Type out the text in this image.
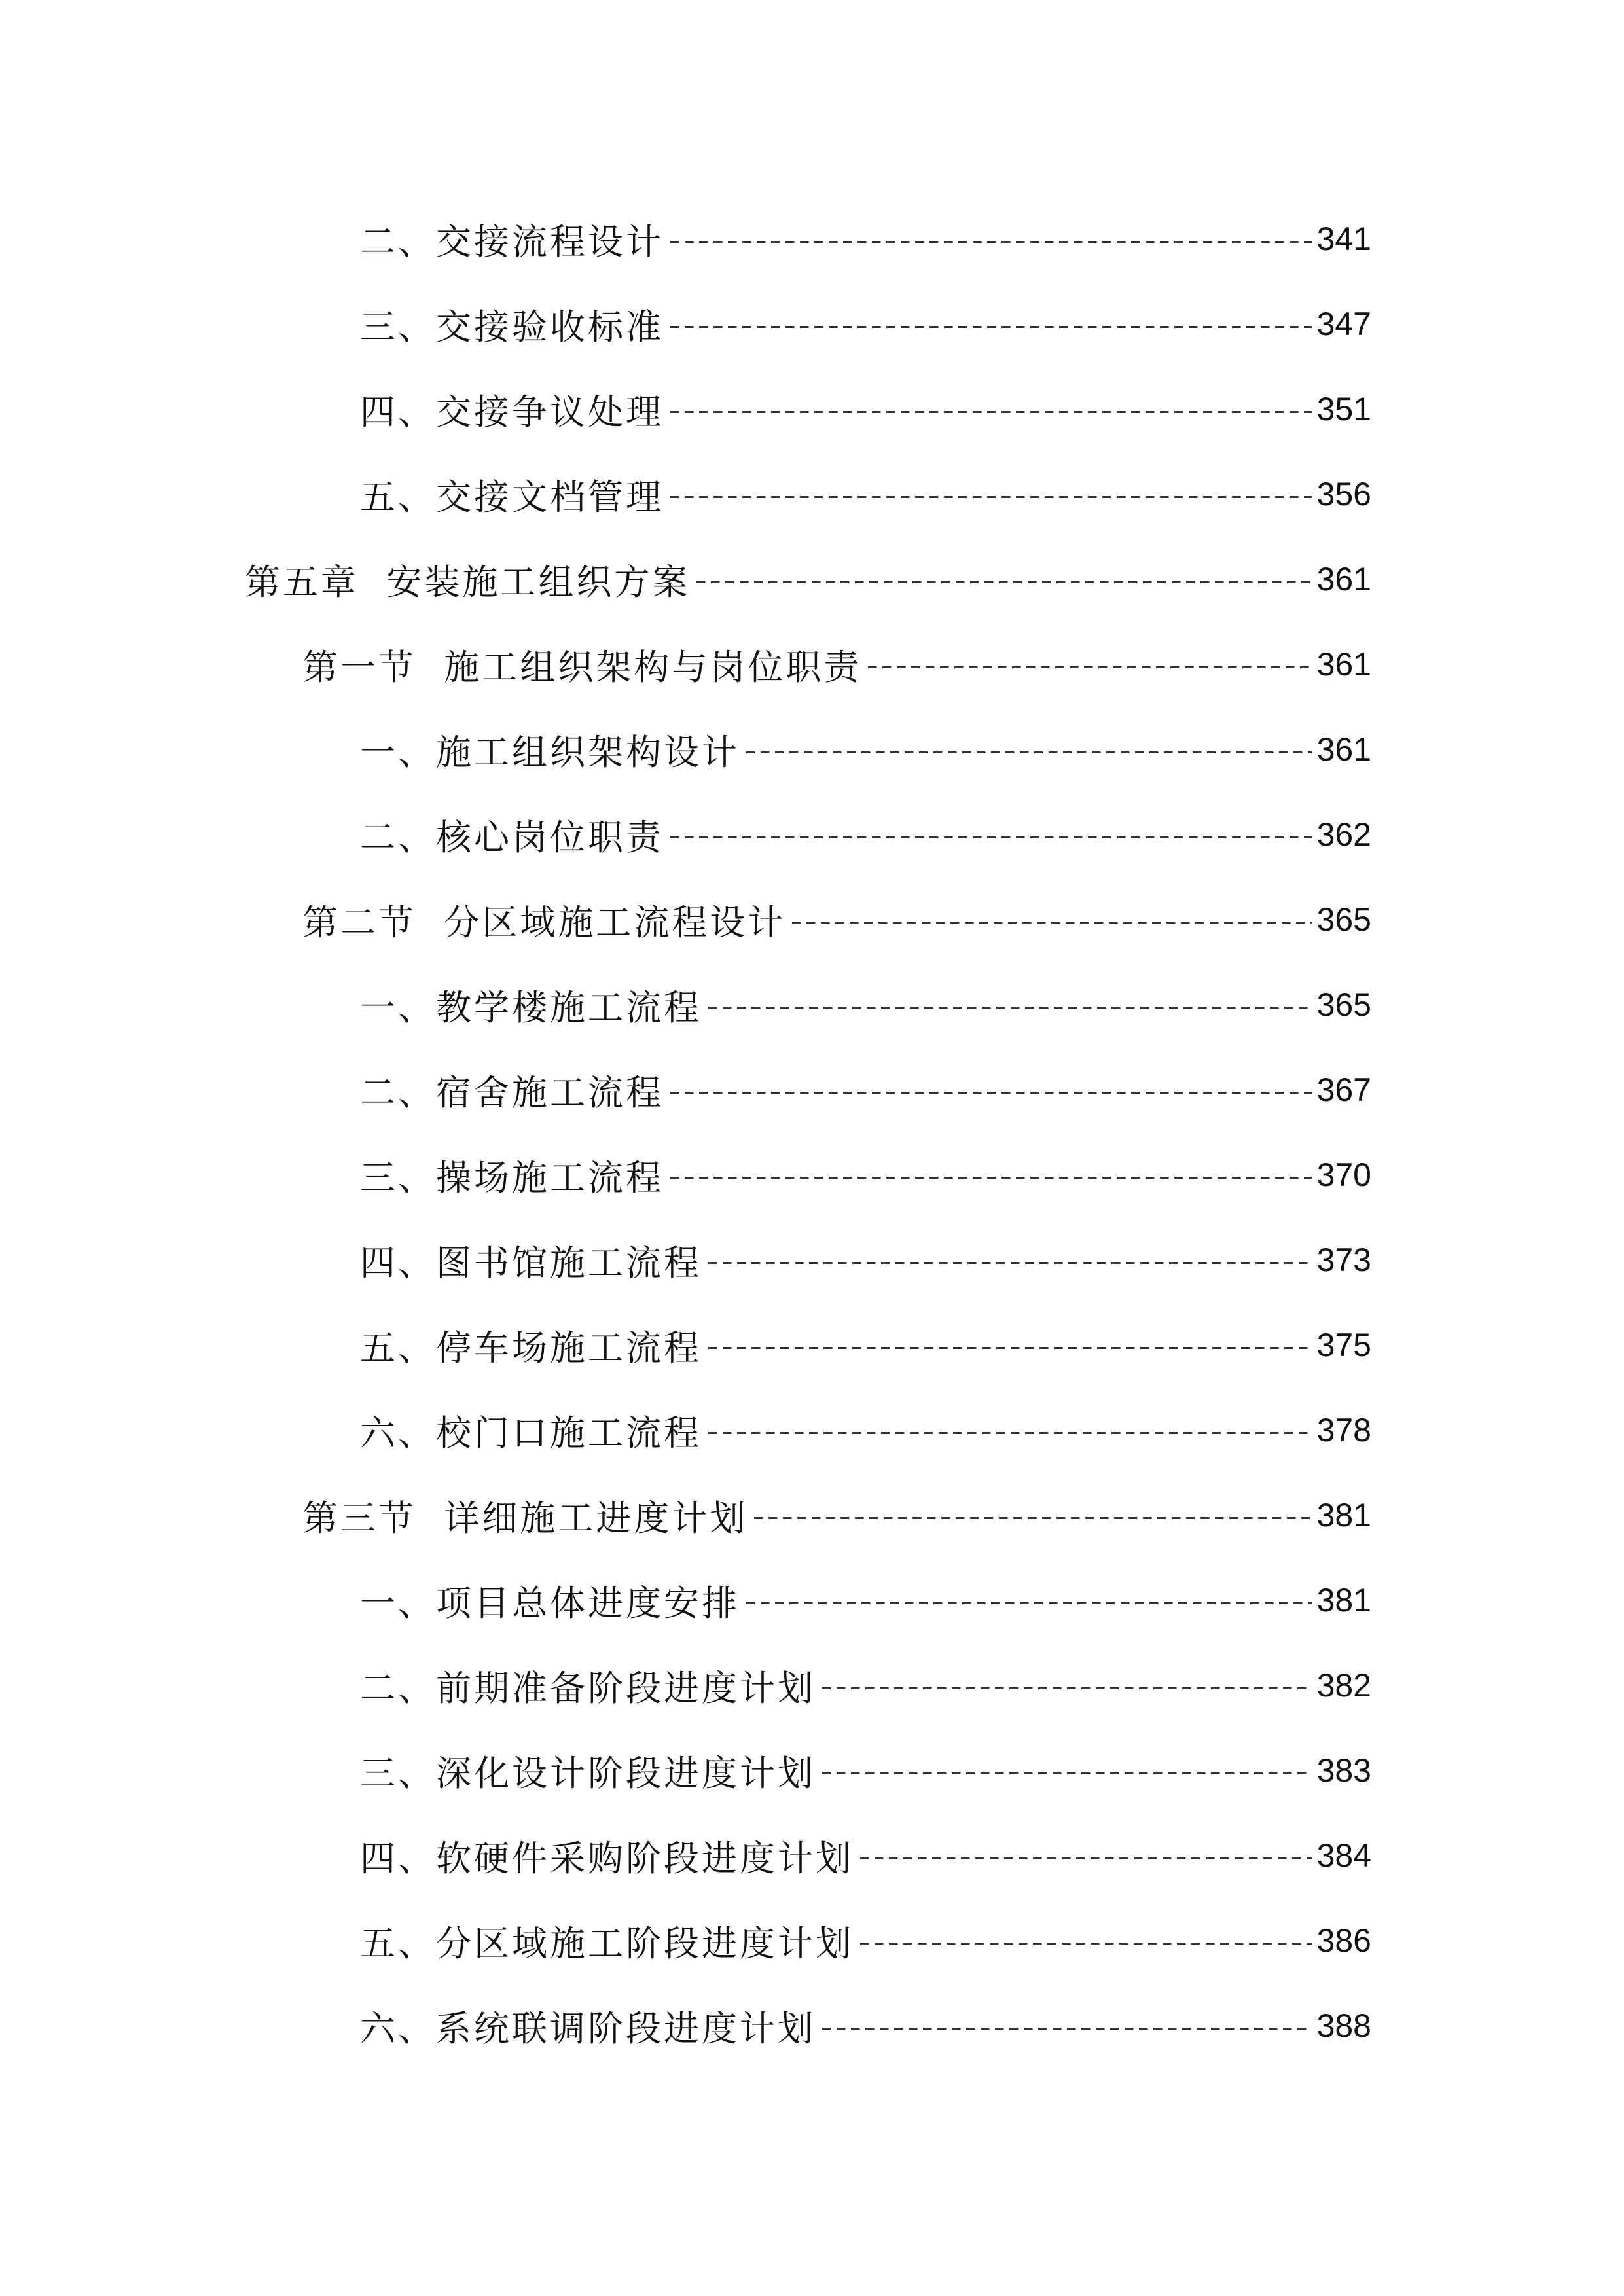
二、交接流程设计	341
三、交接验收标准	347
四、交接争议处理	351
五、交接文档管理	356
第五章  安装施工组织方案	361
第一节  施工组织架构与岗位职责	361
一、施工组织架构设计	361
二、核心岗位职责	362
第二节  分区域施工流程设计	365
一、教学楼施工流程	365
二、宿舍施工流程	367
三、操场施工流程	370
四、图书馆施工流程	373
五、停车场施工流程	375
六、校门口施工流程	378
第三节  详细施工进度计划	381
一、项目总体进度安排	381
二、前期准备阶段进度计划	382
三、深化设计阶段进度计划	383
四、软硬件采购阶段进度计划	384
五、分区域施工阶段进度计划	386
六、系统联调阶段进度计划	388
